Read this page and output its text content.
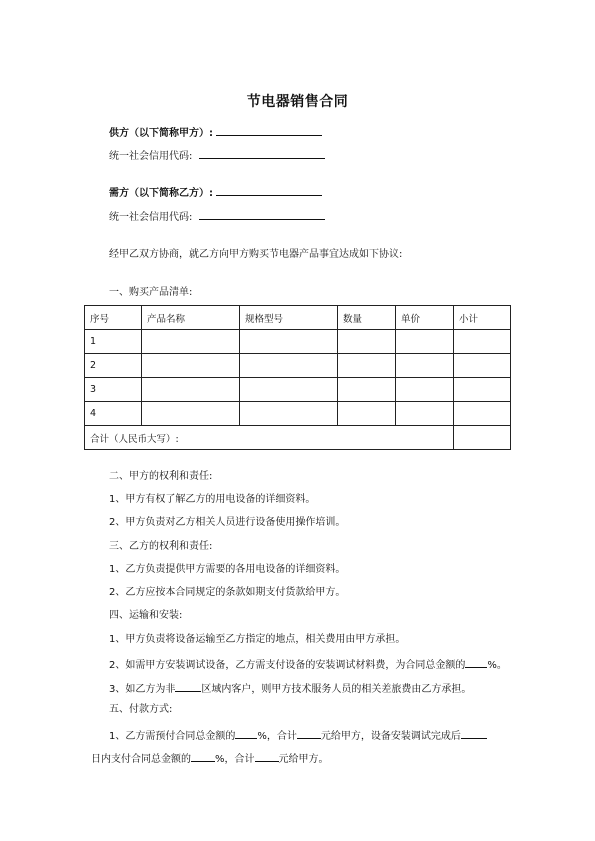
节电器销售合同
供方（以下简称甲方）:
统一社会信用代码:
需方（以下简称乙方）:
统一社会信用代码:
经甲乙双方协商，就乙方向甲方购买节电器产品事宜达成如下协议:
一、购买产品清单:
序号	产品名称	规格型号	数量	单价	小计
1					
2					
3					
4					
合计（人民币大写）:					
二、甲方的权利和责任:
1、甲方有权了解乙方的用电设备的详细资料。
2、甲方负责对乙方相关人员进行设备使用操作培训。
三、乙方的权利和责任:
1、乙方负责提供甲方需要的各用电设备的详细资料。
2、乙方应按本合同规定的条款如期支付货款给甲方。
四、运输和安装:
1、甲方负责将设备运输至乙方指定的地点，相关费用由甲方承担。
2、如需甲方安装调试设备，乙方需支付设备的安装调试材料费，为合同总金额的 %。
3、如乙方为非	区域内客户，则甲方技术服务人员的相关差旅费由乙方承担。
五、付款方式:
1、乙方需预付合同总金额的 %，合计 元给甲方，设备安装调试完成后
日内支付合同总金额的 %，合计 元给甲方。
